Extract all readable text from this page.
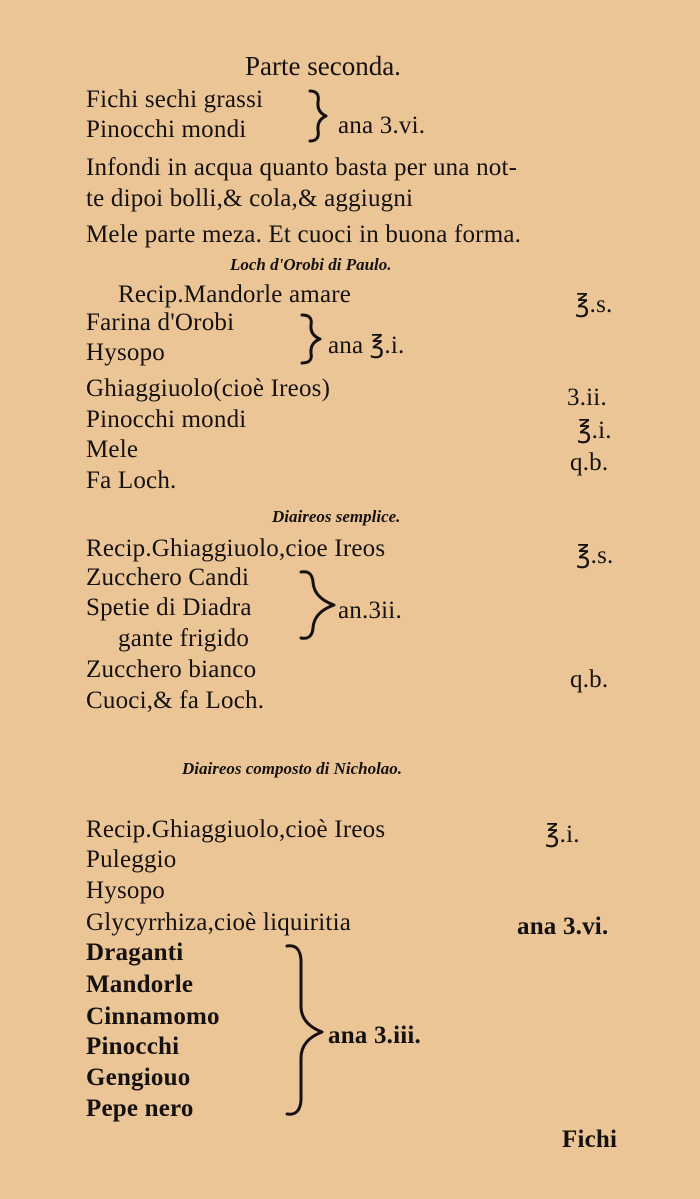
Parte seconda.
Fichi sechi grassi
Pinocchi mondi	ana 3.vi.
Infondi in acqua quanto basta per una not-
te dipoi bolli,& cola,& aggiugni
Mele parte meza. Et cuoci in buona forma.
Loch d'Orobi di Paulo.
Recip.Mandorle amare	℥.s.
Farina d'Orobi
Hysopo	ana ℥.i.
Ghiaggiuolo(cioè Ireos)	3.ii.
Pinocchi mondi	℥.i.
Mele	q.b.
Fa Loch.
Diaireos semplice.
Recip.Ghiaggiuolo,cioe Ireos	℥.s.
Zucchero Candi
Spetie di Diadra
gante frigido
an.3ii.
Zucchero bianco	q.b.
Cuoci,& fa Loch.
Diaireos composto di Nicholao.
Recip.Ghiaggiuolo,cioè Ireos	℥.i.
Puleggio
Hysopo
Glycyrrhiza,cioè liquiritia	ana 3.vi.
Draganti
Mandorle
Cinnamomo
Pinocchi
Gengiouo
Pepe nero
ana 3.iii.
Fichi
